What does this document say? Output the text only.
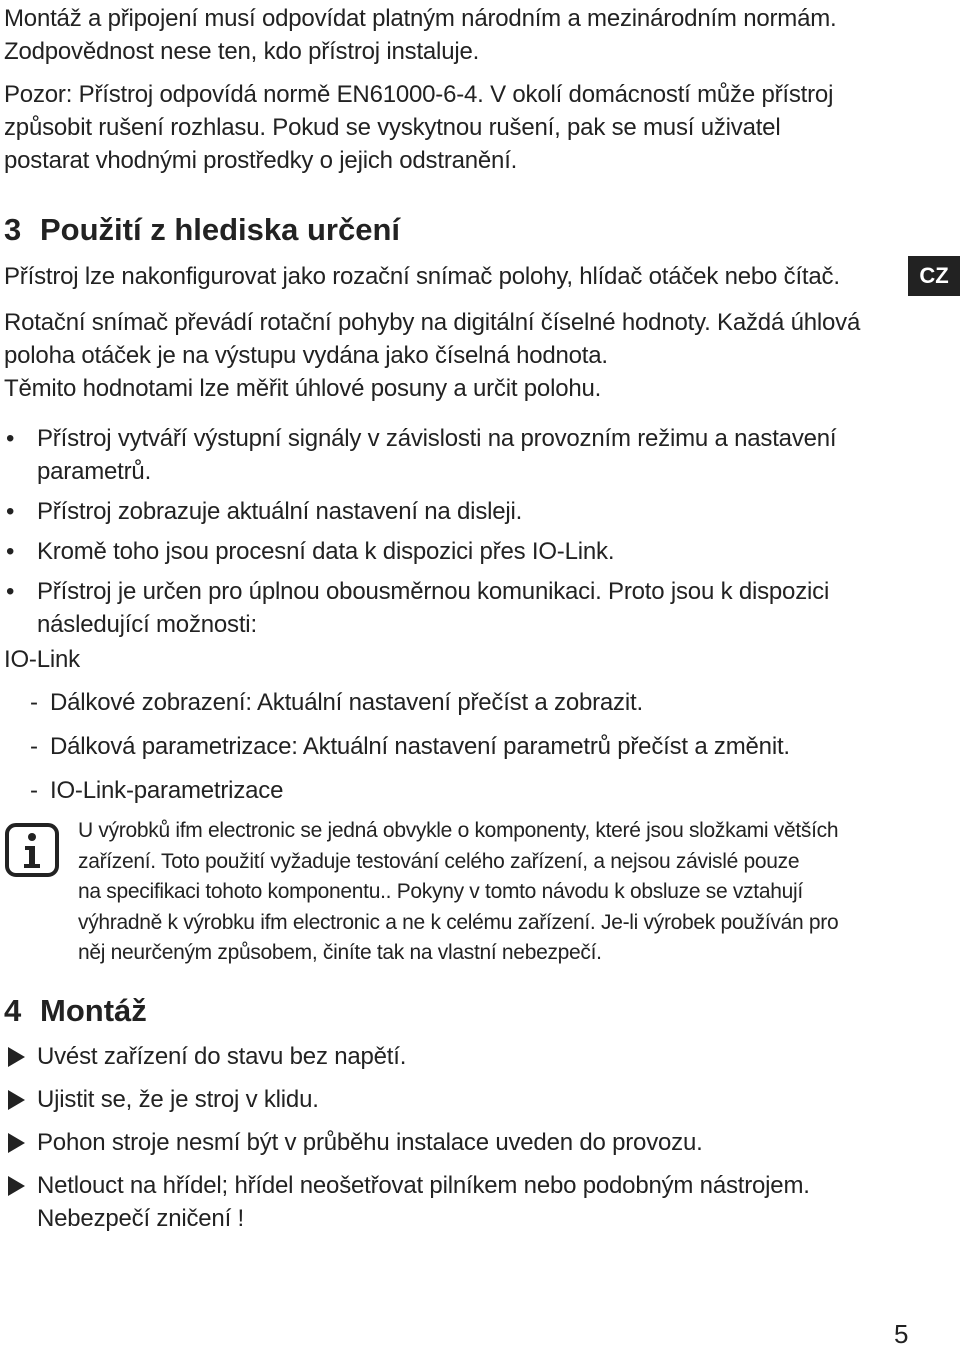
Montáž a připojení musí odpovídat platným národním a mezinárodním normám.
Zodpovědnost nese ten, kdo přístroj instaluje.

Pozor: Přístroj odpovídá normě EN61000-6-4. V okolí domácností může přístroj
způsobit rušení rozhlasu. Pokud se vyskytnou rušení, pak se musí uživatel
postarat vhodnými prostředky o jejich odstranění.

3 Použití z hlediska určení

Přístroj lze nakonfigurovat jako rozační snímač polohy, hlídač otáček nebo čítač.	CZ

Rotační snímač převádí rotační pohyby na digitální číselné hodnoty. Každá úhlová
poloha otáček je na výstupu vydána jako číselná hodnota.
Těmito hodnotami lze měřit úhlové posuny a určit polohu.

• Přístroj vytváří výstupní signály v závislosti na provozním režimu a nastavení parametrů.
• Přístroj zobrazuje aktuální nastavení na disleji.
• Kromě toho jsou procesní data k dispozici přes IO-Link.
• Přístroj je určen pro úplnou obousměrnou komunikaci. Proto jsou k dispozici následující možnosti:

IO-Link

- Dálkové zobrazení: Aktuální nastavení přečíst a zobrazit.
- Dálková parametrizace: Aktuální nastavení parametrů přečíst a změnit.
- IO-Link-parametrizace

U výrobků ifm electronic se jedná obvykle o komponenty, které jsou složkami větších
zařízení. Toto použití vyžaduje testování celého zařízení, a nejsou závislé pouze
na specifikaci tohoto komponentu.. Pokyny v tomto návodu k obsluze se vztahují
výhradně k výrobku ifm electronic a ne k celému zařízení. Je-li výrobek používán pro
něj neurčeným způsobem, činíte tak na vlastní nebezpečí.

4 Montáž
Uvést zařízení do stavu bez napětí.
Ujistit se, že je stroj v klidu.
Pohon stroje nesmí být v průběhu instalace uveden do provozu.
Netlouct na hřídel; hřídel neošetřovat pilníkem nebo podobným nástrojem.
Nebezpečí zničení !
5
